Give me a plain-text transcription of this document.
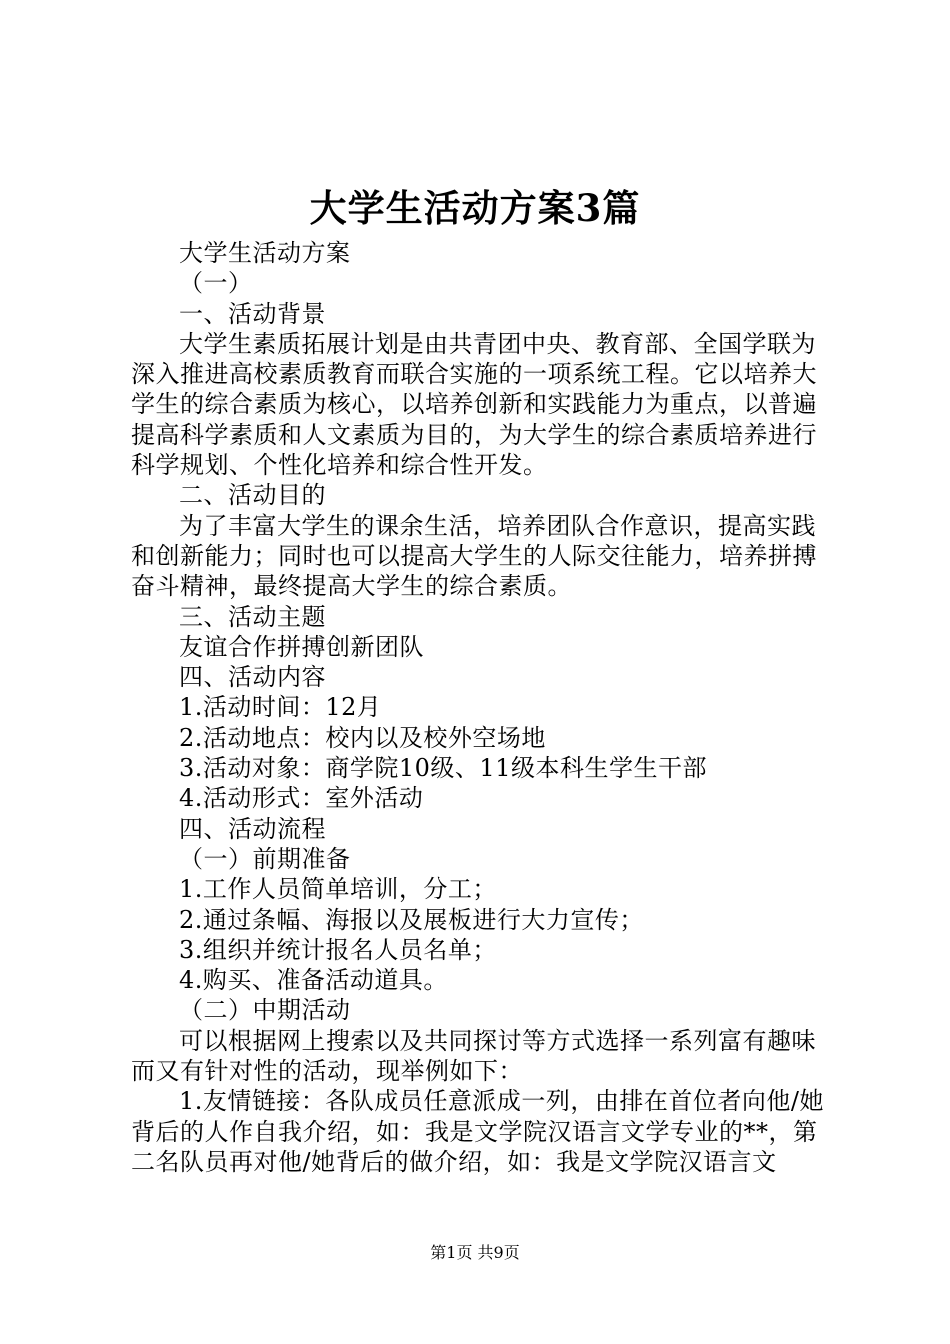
大学生活动方案3篇

大学生活动方案

（一）

一、活动背景

大学生素质拓展计划是由共青团中央、教育部、全国学联为深入推进高校素质教育而联合实施的一项系统工程。它以培养大学生的综合素质为核心，以培养创新和实践能力为重点，以普遍提高科学素质和人文素质为目的，为大学生的综合素质培养进行科学规划、个性化培养和综合性开发。

二、活动目的

为了丰富大学生的课余生活，培养团队合作意识，提高实践和创新能力；同时也可以提高大学生的人际交往能力，培养拼搏奋斗精神，最终提高大学生的综合素质。

三、活动主题

友谊合作拼搏创新团队

四、活动内容

1.活动时间：12月

2.活动地点：校内以及校外空场地

3.活动对象：商学院10级、11级本科生学生干部

4.活动形式：室外活动

四、活动流程

（一）前期准备

1.工作人员简单培训，分工；

2.通过条幅、海报以及展板进行大力宣传；

3.组织并统计报名人员名单；

4.购买、准备活动道具。

（二）中期活动

可以根据网上搜索以及共同探讨等方式选择一系列富有趣味而又有针对性的活动，现举例如下：

1.友情链接：各队成员任意派成一列，由排在首位者向他/她背后的人作自我介绍，如：我是文学院汉语言文学专业的**，第二名队员再对他/她背后的做介绍，如：我是文学院汉语言文

第1页 共9页
